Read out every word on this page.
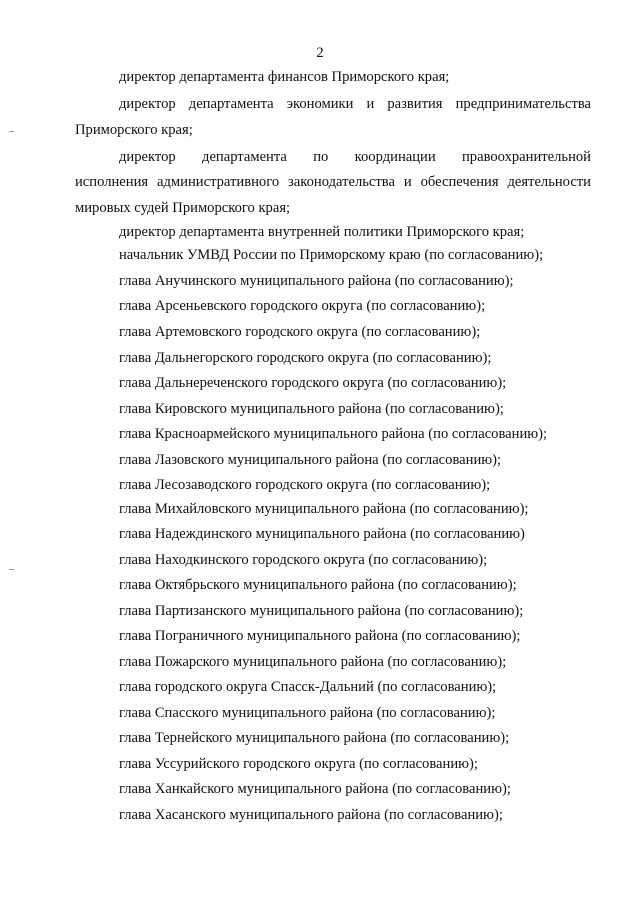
2
директор департамента финансов Приморского края;
директор департамента экономики и развития предпринимательства
Приморского края;
директор департамента по координации правоохранительной
исполнения административного законодательства и обеспечения деятельности
мировых судей Приморского края;
директор департамента внутренней политики Приморского края;
начальник УМВД России по Приморскому краю (по согласованию);
глава Анучинского муниципального района (по согласованию);
глава Арсеньевского городского округа (по согласованию);
глава Артемовского городского округа (по согласованию);
глава Дальнегорского городского округа (по согласованию);
глава Дальнереченского городского округа (по согласованию);
глава Кировского муниципального района (по согласованию);
глава Красноармейского муниципального района (по согласованию);
глава Лазовского муниципального района (по согласованию);
глава Лесозаводского городского округа (по согласованию);
глава Михайловского муниципального района (по согласованию);
глава Надеждинского муниципального района (по согласованию)
глава Находкинского городского округа (по согласованию);
глава Октябрьского муниципального района (по согласованию);
глава Партизанского муниципального района (по согласованию);
глава Пограничного муниципального района (по согласованию);
глава Пожарского муниципального района (по согласованию);
глава городского округа Спасск-Дальний (по согласованию);
глава Спасского муниципального района (по согласованию);
глава Тернейского муниципального района (по согласованию);
глава Уссурийского городского округа (по согласованию);
глава Ханкайского муниципального района (по согласованию);
глава Хасанского муниципального района (по согласованию);
